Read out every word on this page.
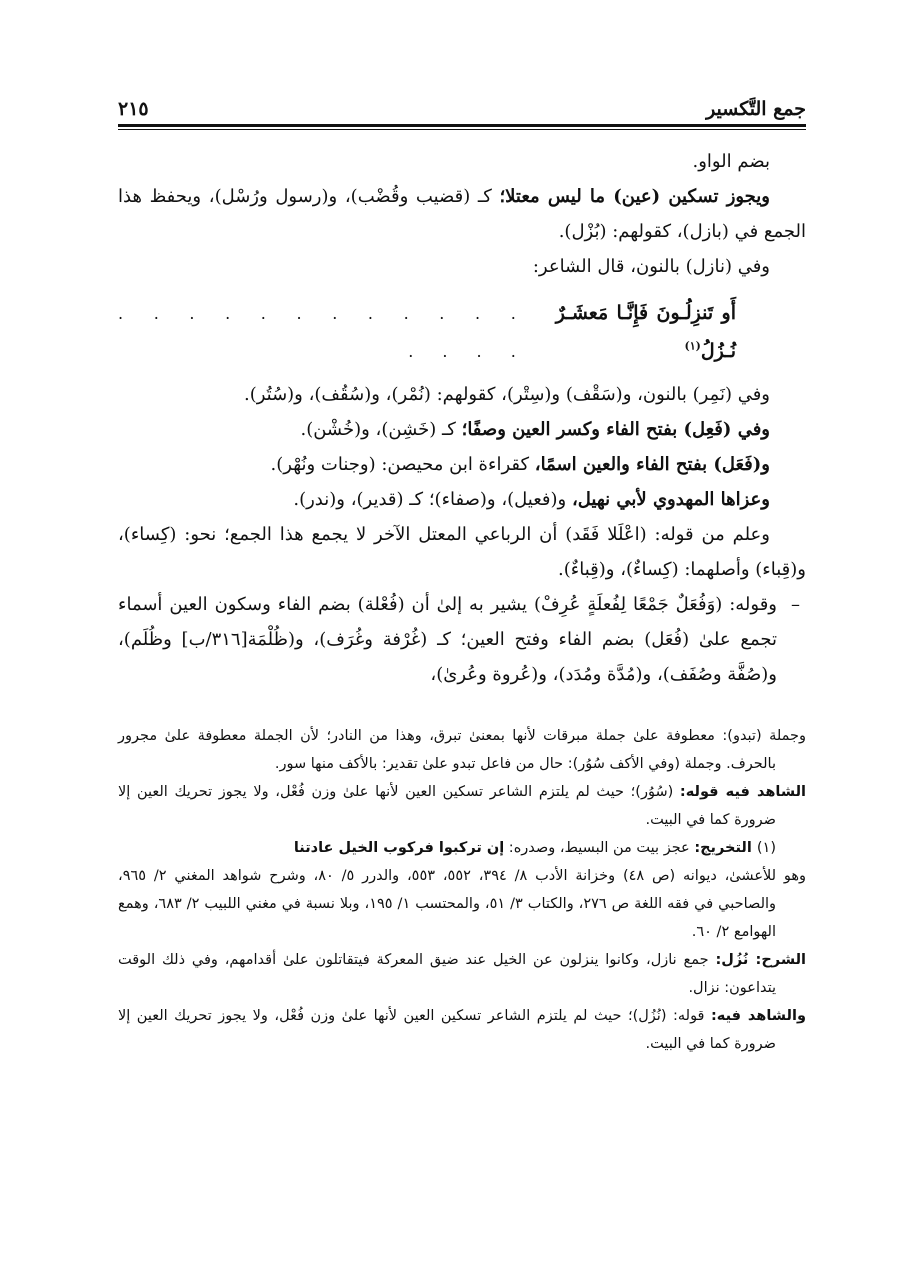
جمع التَّكسير
٢١٥

بضم الواو.

ويجوز تسكين (عين) ما ليس معتلا؛ كـ (قضيب وقُضْب)، و(رسول ورُسْل)، ويحفظ هذا الجمع في (بازل)، كقولهم: (بُزْل).

وفي (نازل) بالنون، قال الشاعر:

أَو تَنزِلُـونَ فَإِنَّـا مَعشَـرٌ نُـزُلُ$^{(١)}$
. . . . . . . . . . . . . . . .

وفي (نَمِر) بالنون، و(سَقْف) و(سِتْر)، كقولهم: (نُمْر)، و(سُقُف)، و(سُتُر).

وفي (فَعِل) بفتح الفاء وكسر العين وصفًا؛ كـ (خَشِن)، و(خُشْن).

و(فَعَل) بفتح الفاء والعين اسمًا، كقراءة ابن محيصن: (وجنات ونُهْر).

وعزاها المهدوي لأبي نهيل، و(فعيل)، و(صفاء)؛ كـ (قدير)، و(ندر).

وعلم من قوله: (اعْلَلا فَقَد) أن الرباعي المعتل الآخر لا يجمع هذا الجمع؛ نحو: (كِساء)، و(قِباء) وأصلهما: (كِساءٌ)، و(قِباءٌ).

–
وقوله: (وَفُعَلٌ جَمْعًا لِفُعلَةٍ عُرِفْ) يشير به إلىٰ أن (فُعْلة) بضم الفاء وسكون العين أسماء تجمع علىٰ (فُعَل) بضم الفاء وفتح العين؛ كـ (غُرْفة وغُرَف)، و(ظُلْمَة[٣١٦/ب] وظُلَم)، و(صُفَّة وصُفَف)، و(مُدَّة ومُدَد)، و(عُروة وعُرىٰ)،

وجملة (تبدو): معطوفة علىٰ جملة مبرقات لأنها بمعنىٰ تبرق، وهذا من النادر؛ لأن الجملة معطوفة علىٰ مجرور بالحرف. وجملة (وفي الأكف سُوُر): حال من فاعل تبدو علىٰ تقدير: بالأكف منها سور.

الشاهد فيه قوله: (سُوُر)؛ حيث لم يلتزم الشاعر تسكين العين لأنها علىٰ وزن فُعْل، ولا يجوز تحريك العين إلا ضرورة كما في البيت.

(١) التخريج: عجز بيت من البسيط، وصدره: إن تركبوا فركوب الخيل عادتنا

وهو للأعشىٰ، ديوانه (ص ٤٨) وخزانة الأدب ٨/ ٣٩٤، ٥٥٢، ٥٥٣، والدرر ٥/ ٨٠، وشرح شواهد المغني ٢/ ٩٦٥، والصاحبي في فقه اللغة ص ٢٧٦، والكتاب ٣/ ٥١، والمحتسب ١/ ١٩٥، وبلا نسبة في مغني اللبيب ٢/ ٦٨٣، وهمع الهوامع ٢/ ٦٠.

الشرح: نُزُل: جمع نازل، وكانوا ينزلون عن الخيل عند ضيق المعركة فيتقاتلون علىٰ أقدامهم، وفي ذلك الوقت يتداعون: نزال.

والشاهد فيه: قوله: (نُزُل)؛ حيث لم يلتزم الشاعر تسكين العين لأنها علىٰ وزن فُعْل، ولا يجوز تحريك العين إلا ضرورة كما في البيت.
